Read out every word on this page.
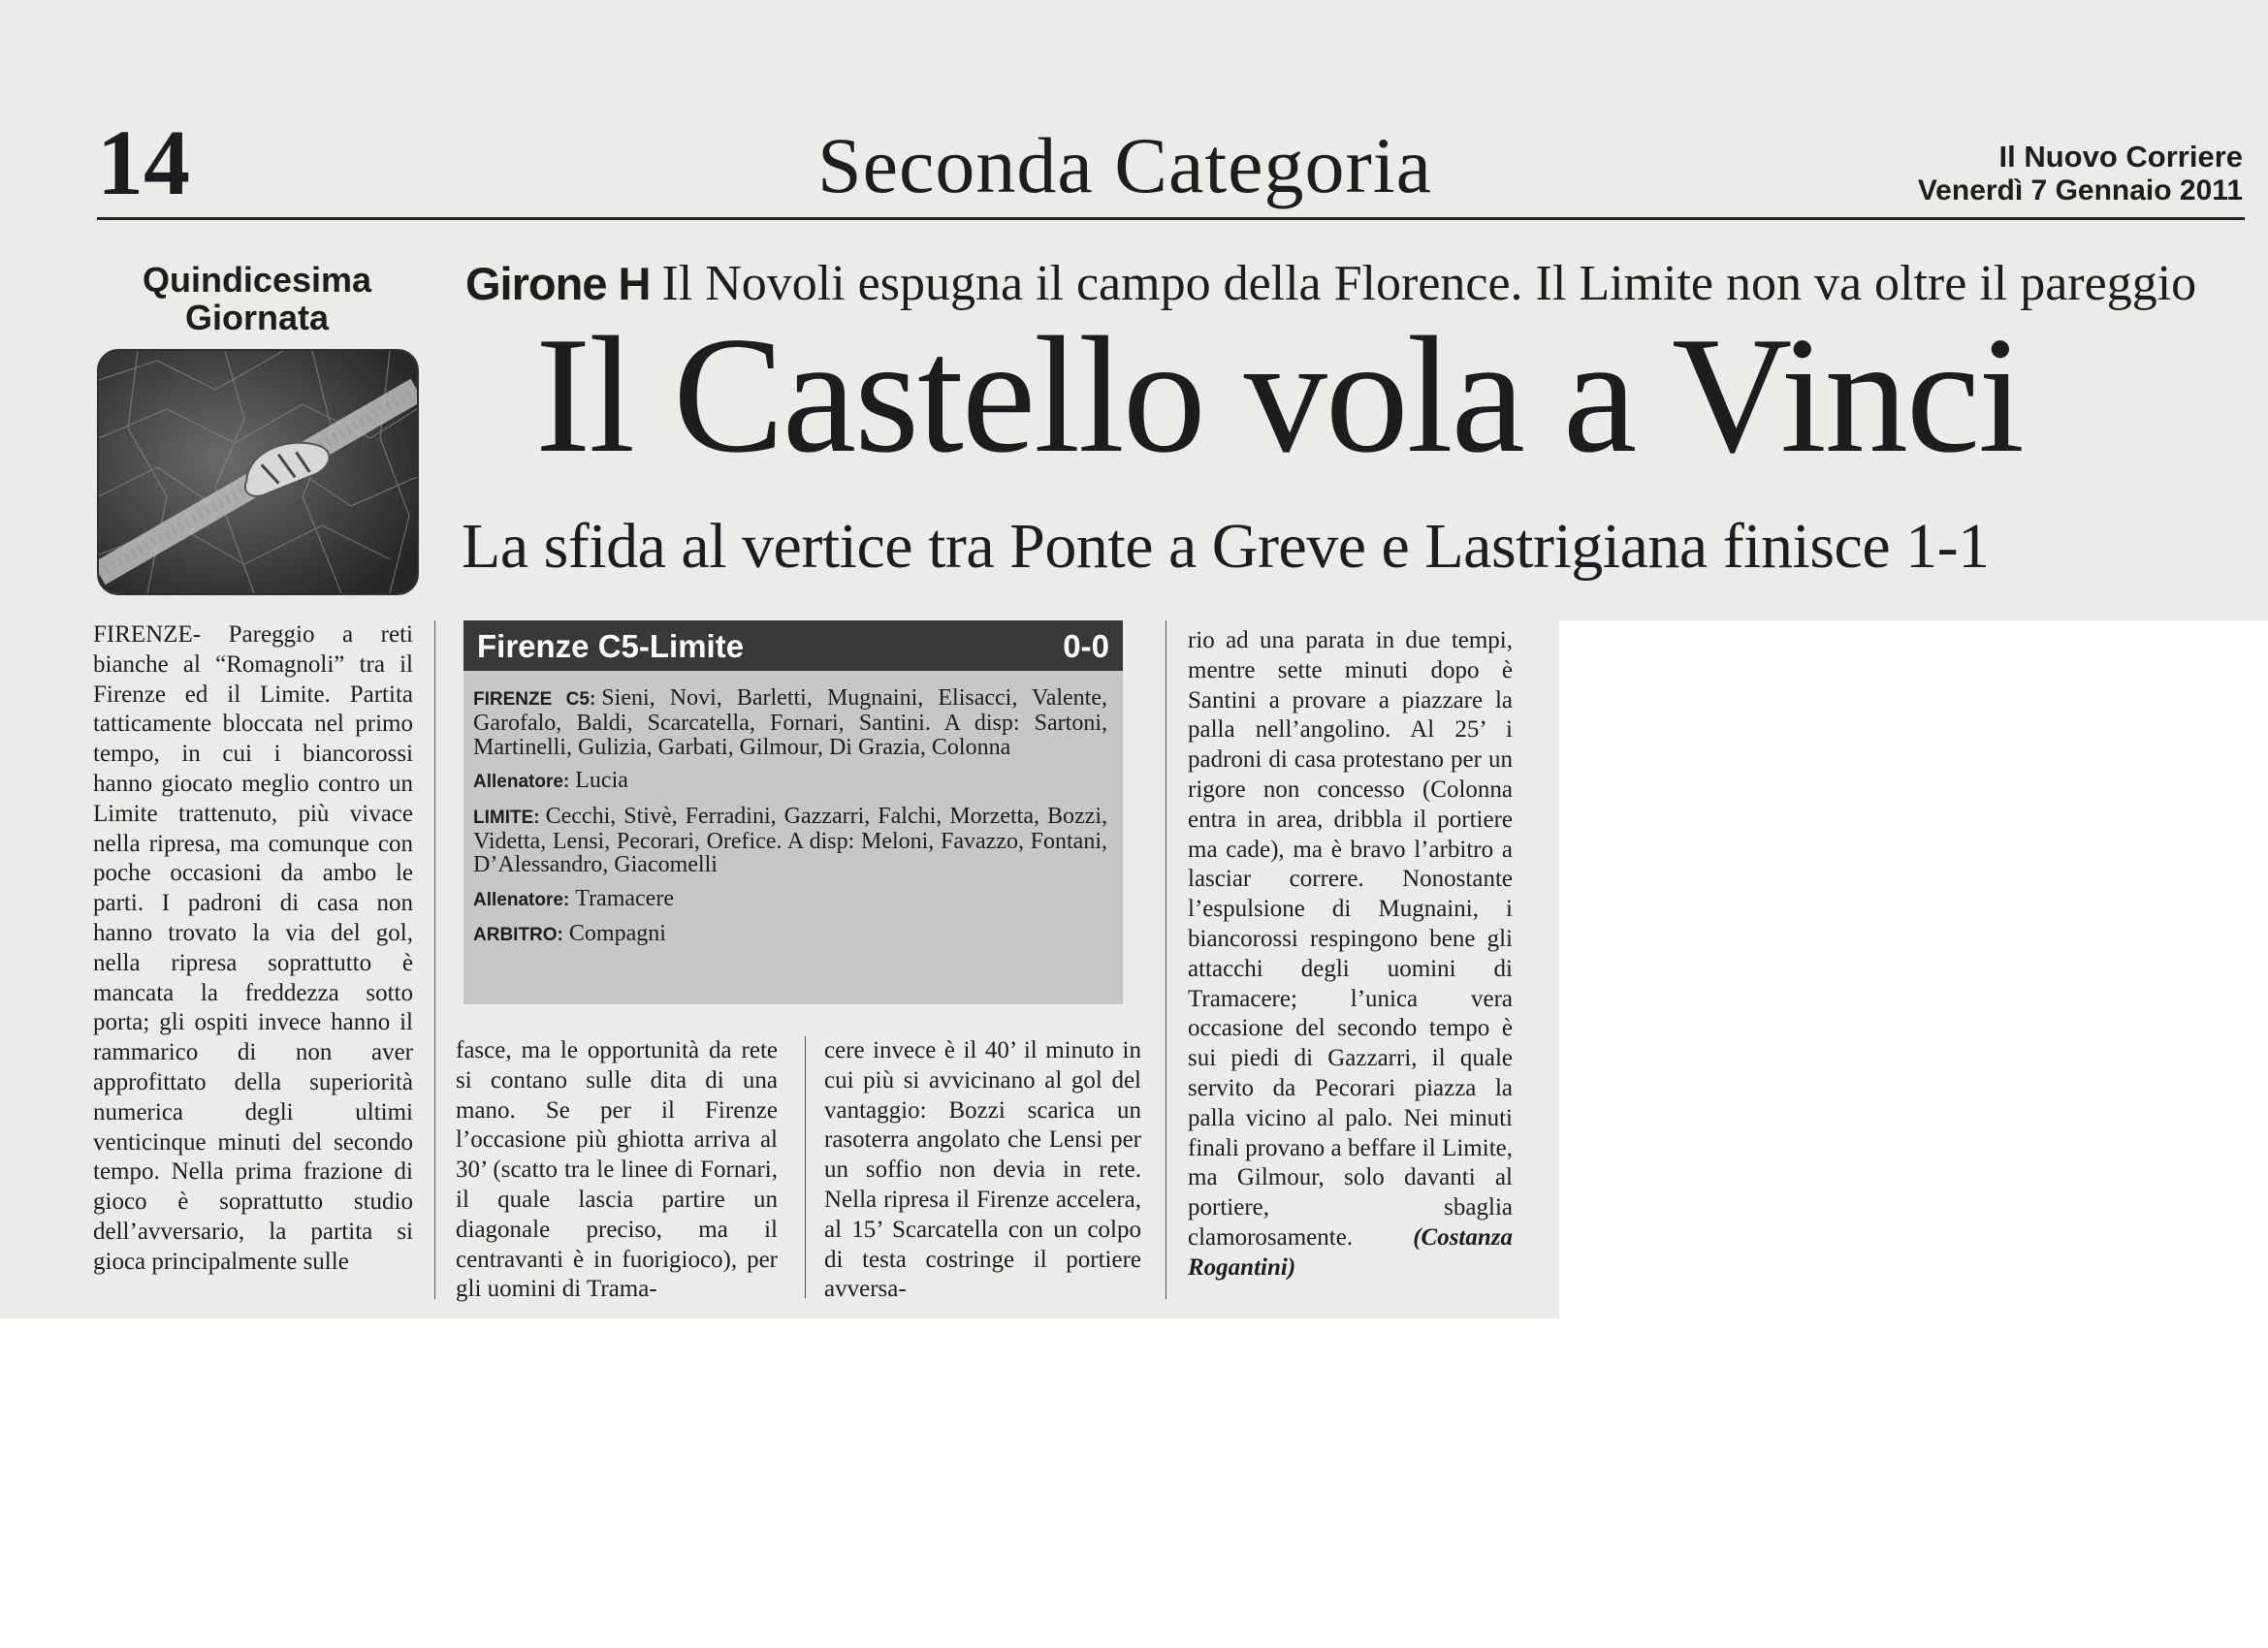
14	Seconda Categoria	Il Nuovo Corriere
Venerdì 7 Gennaio 2011
Quindicesima
Giornata
Girone H Il Novoli espugna il campo della Florence. Il Limite non va oltre il pareggio
Il Castello vola a Vinci
La sfida al vertice tra Ponte a Greve e Lastrigiana finisce 1-1
FIRENZE- Pareggio a reti bianche al “Romagnoli” tra il Firenze ed il Limite. Partita tatticamente bloccata nel primo tempo, in cui i biancorossi hanno giocato meglio contro un Limite trattenuto, più vivace nella ripresa, ma comunque con poche occasioni da ambo le parti. I padroni di casa non hanno trovato la via del gol, nella ripresa soprattutto è mancata la freddezza sotto porta; gli ospiti invece hanno il rammarico di non aver approfittato della superiorità numerica degli ultimi venticinque minuti del secondo tempo. Nella prima frazione di gioco è soprattutto studio dell’avversario, la partita si gioca principalmente sulle
Firenze C5-Limite	0-0

FIRENZE C5: Sieni, Novi, Barletti, Mugnaini, Elisacci, Valente, Garofalo, Baldi, Scarcatella, Fornari, Santini. A disp: Sartoni, Martinelli, Gulizia, Garbati, Gilmour, Di Grazia, Colonna

Allenatore: Lucia

LIMITE: Cecchi, Stivè, Ferradini, Gazzarri, Falchi, Morzetta, Bozzi, Videtta, Lensi, Pecorari, Orefice. A disp: Meloni, Favazzo, Fontani, D’Alessandro, Giacomelli

Allenatore: Tramacere

ARBITRO: Compagni

fasce, ma le opportunità da rete si contano sulle dita di una mano. Se per il Firenze l’occasione più ghiotta arriva al 30’ (scatto tra le linee di Fornari, il quale lascia partire un diagonale preciso, ma il centravanti è in fuorigioco), per gli uomini di Trama-
cere invece è il 40’ il minuto in cui più si avvicinano al gol del vantaggio: Bozzi scarica un rasoterra angolato che Lensi per un soffio non devia in rete. Nella ripresa il Firenze accelera, al 15’ Scarcatella con un colpo di testa costringe il portiere avversa-
rio ad una parata in due tempi, mentre sette minuti dopo è Santini a provare a piazzare la palla nell’angolino. Al 25’ i padroni di casa protestano per un rigore non concesso (Colonna entra in area, dribbla il portiere ma cade), ma è bravo l’arbitro a lasciar correre. Nonostante l’espulsione di Mugnaini, i biancorossi respingono bene gli attacchi degli uomini di Tramacere; l’unica vera occasione del secondo tempo è sui piedi di Gazzarri, il quale servito da Pecorari piazza la palla vicino al palo. Nei minuti finali provano a beffare il Limite, ma Gilmour, solo davanti al portiere, sbaglia clamorosamente. (Costanza Rogantini)
